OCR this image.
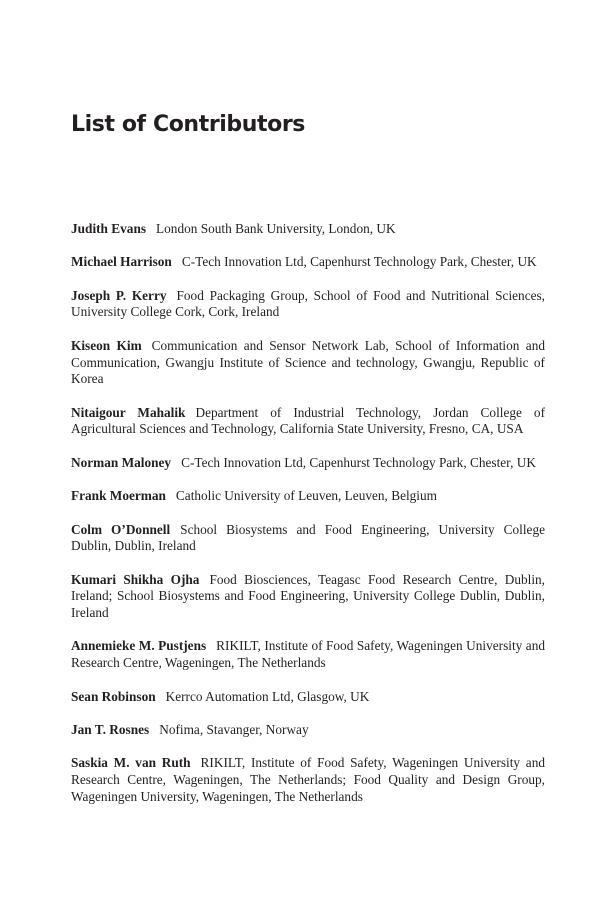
List of Contributors
Judith Evans London South Bank University, London, UK
Michael Harrison C-Tech Innovation Ltd, Capenhurst Technology Park, Chester, UK
Joseph P. Kerry Food Packaging Group, School of Food and Nutritional Sciences, University College Cork, Cork, Ireland
Kiseon Kim Communication and Sensor Network Lab, School of Information and Communication, Gwangju Institute of Science and technology, Gwangju, Republic of Korea
Nitaigour Mahalik Department of Industrial Technology, Jordan College of Agricultural Sciences and Technology, California State University, Fresno, CA, USA
Norman Maloney C-Tech Innovation Ltd, Capenhurst Technology Park, Chester, UK
Frank Moerman Catholic University of Leuven, Leuven, Belgium
Colm O’Donnell School Biosystems and Food Engineering, University College Dublin, Dublin, Ireland
Kumari Shikha Ojha Food Biosciences, Teagasc Food Research Centre, Dublin, Ireland; School Biosystems and Food Engineering, University College Dublin, Dublin, Ireland
Annemieke M. Pustjens RIKILT, Institute of Food Safety, Wageningen University and Research Centre, Wageningen, The Netherlands
Sean Robinson Kerrco Automation Ltd, Glasgow, UK
Jan T. Rosnes Nofima, Stavanger, Norway
Saskia M. van Ruth RIKILT, Institute of Food Safety, Wageningen University and Research Centre, Wageningen, The Netherlands; Food Quality and Design Group, Wageningen University, Wageningen, The Netherlands
